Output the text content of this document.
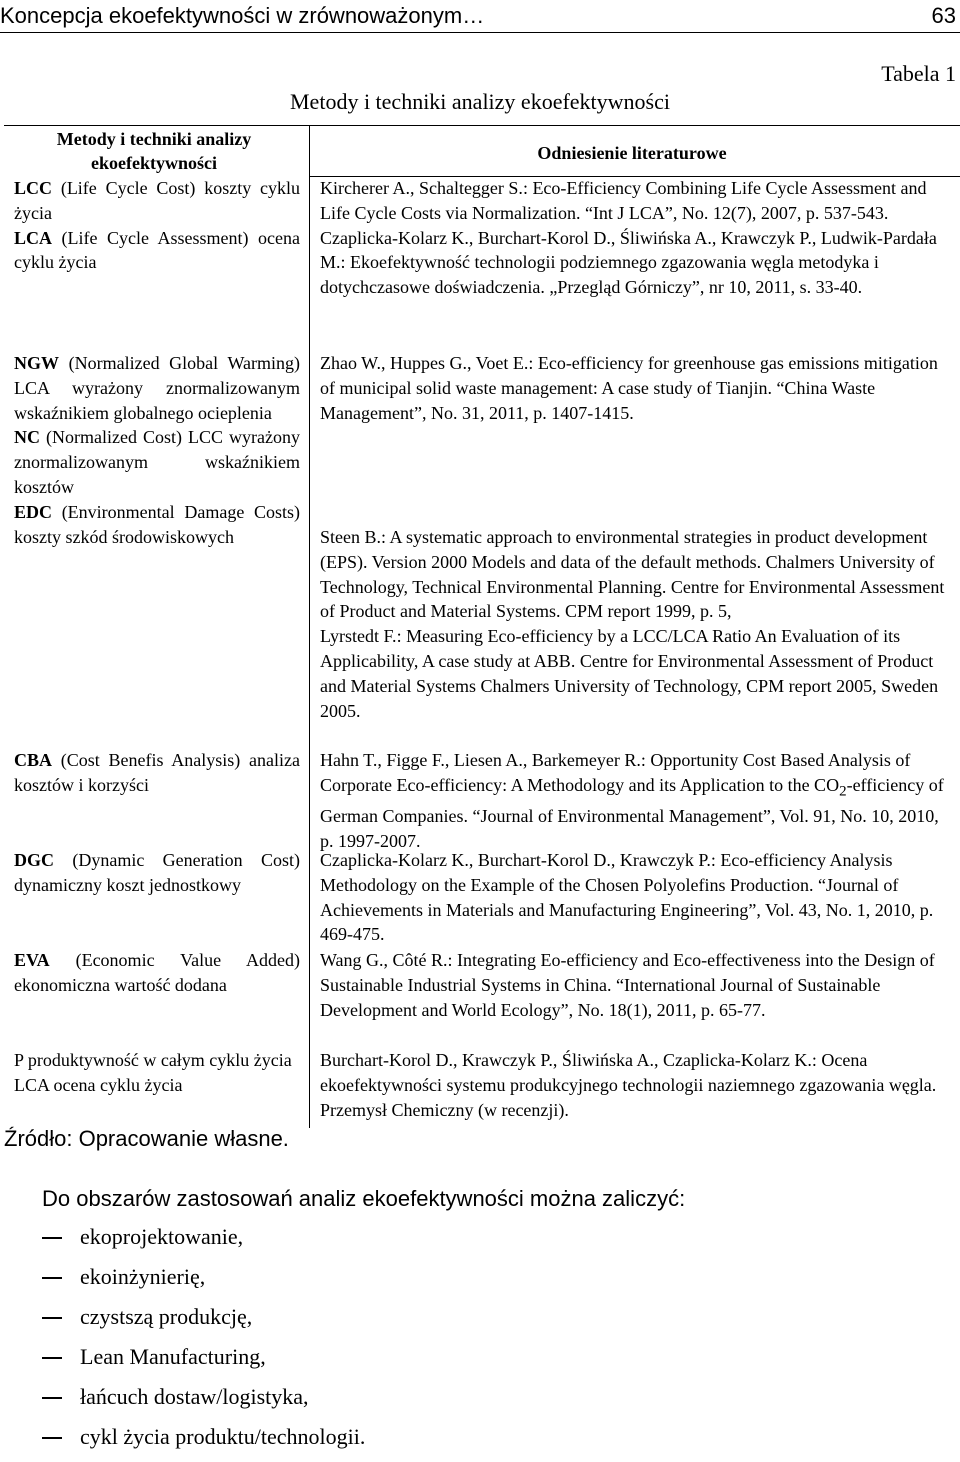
Koncepcja ekoefektywności w zrównoważonym…	63
Tabela 1
Metody i techniki analizy ekoefektywności
Metody i techniki analizy ekoefektywności	Odniesienie literaturowe
LCC (Life Cycle Cost) koszty cyklu życia
LCA (Life Cycle Assessment) ocena cyklu życia
NGW (Normalized Global Warming) LCA wyrażony znormalizowanym wskaźnikiem globalnego ocieplenia
NC (Normalized Cost) LCC wyrażony znormalizowanym wskaźnikiem kosztów
EDC (Environmental Damage Costs) koszty szkód środowiskowych
CBA (Cost Benefis Analysis) analiza kosztów i korzyści
DGC (Dynamic Generation Cost) dynamiczny koszt jednostkowy
EVA (Economic Value Added) ekonomiczna wartość dodana
P produktywność w całym cyklu życia
LCA ocena cyklu życia

Kircherer A., Schaltegger S.: Eco-Efficiency Combining Life Cycle Assessment and Life Cycle Costs via Normalization. “Int J LCA”, No. 12(7), 2007, p. 537-543.

Czaplicka-Kolarz K., Burchart-Korol D., Śliwińska A., Krawczyk P., Ludwik-Pardała M.: Ekoefektywność technologii podziemnego zgazowania węgla metodyka i dotychczasowe doświadczenia. „Przegląd Górniczy”, nr 10, 2011, s. 33-40.

Zhao W., Huppes G., Voet E.: Eco-efficiency for greenhouse gas emissions mitigation of municipal solid waste management: A case study of Tianjin. “China Waste Management”, No. 31, 2011, p. 1407-1415.

Steen B.: A systematic approach to environmental strategies in product development (EPS). Version 2000 Models and data of the default methods. Chalmers University of Technology, Technical Environmental Planning. Centre for Environmental Assessment of Product and Material Systems. CPM report 1999, p. 5,

Lyrstedt F.: Measuring Eco-efficiency by a LCC/LCA Ratio An Evaluation of its Applicability, A case study at ABB. Centre for Environmental Assessment of Product and Material Systems Chalmers University of Technology, CPM report 2005, Sweden 2005.

Hahn T., Figge F., Liesen A., Barkemeyer R.: Opportunity Cost Based Analysis of Corporate Eco-efficiency: A Methodology and its Application to the $CO_2$-efficiency of German Companies. “Journal of Environmental Management”, Vol. 91, No. 10, 2010, p. 1997-2007.

Czaplicka-Kolarz K., Burchart-Korol D., Krawczyk P.: Eco-efficiency Analysis Methodology on the Example of the Chosen Polyolefins Production. “Journal of Achievements in Materials and Manufacturing Engineering”, Vol. 43, No. 1, 2010, p. 469-475.

Wang G., Côté R.: Integrating Eo-efficiency and Eco-effectiveness into the Design of Sustainable Industrial Systems in China. “International Journal of Sustainable Development and World Ecology”, No. 18(1), 2011, p. 65-77.

Burchart-Korol D., Krawczyk P., Śliwińska A., Czaplicka-Kolarz K.: Ocena ekoefektywności systemu produkcyjnego technologii naziemnego zgazowania węgla. Przemysł Chemiczny (w recenzji).

Źródło: Opracowanie własne.
Do obszarów zastosowań analiz ekoefektywności można zaliczyć:
ekoprojektowanie,
ekoinżynierię,
czystszą produkcję,
Lean Manufacturing,
łańcuch dostaw/logistyka,
cykl życia produktu/technologii.
